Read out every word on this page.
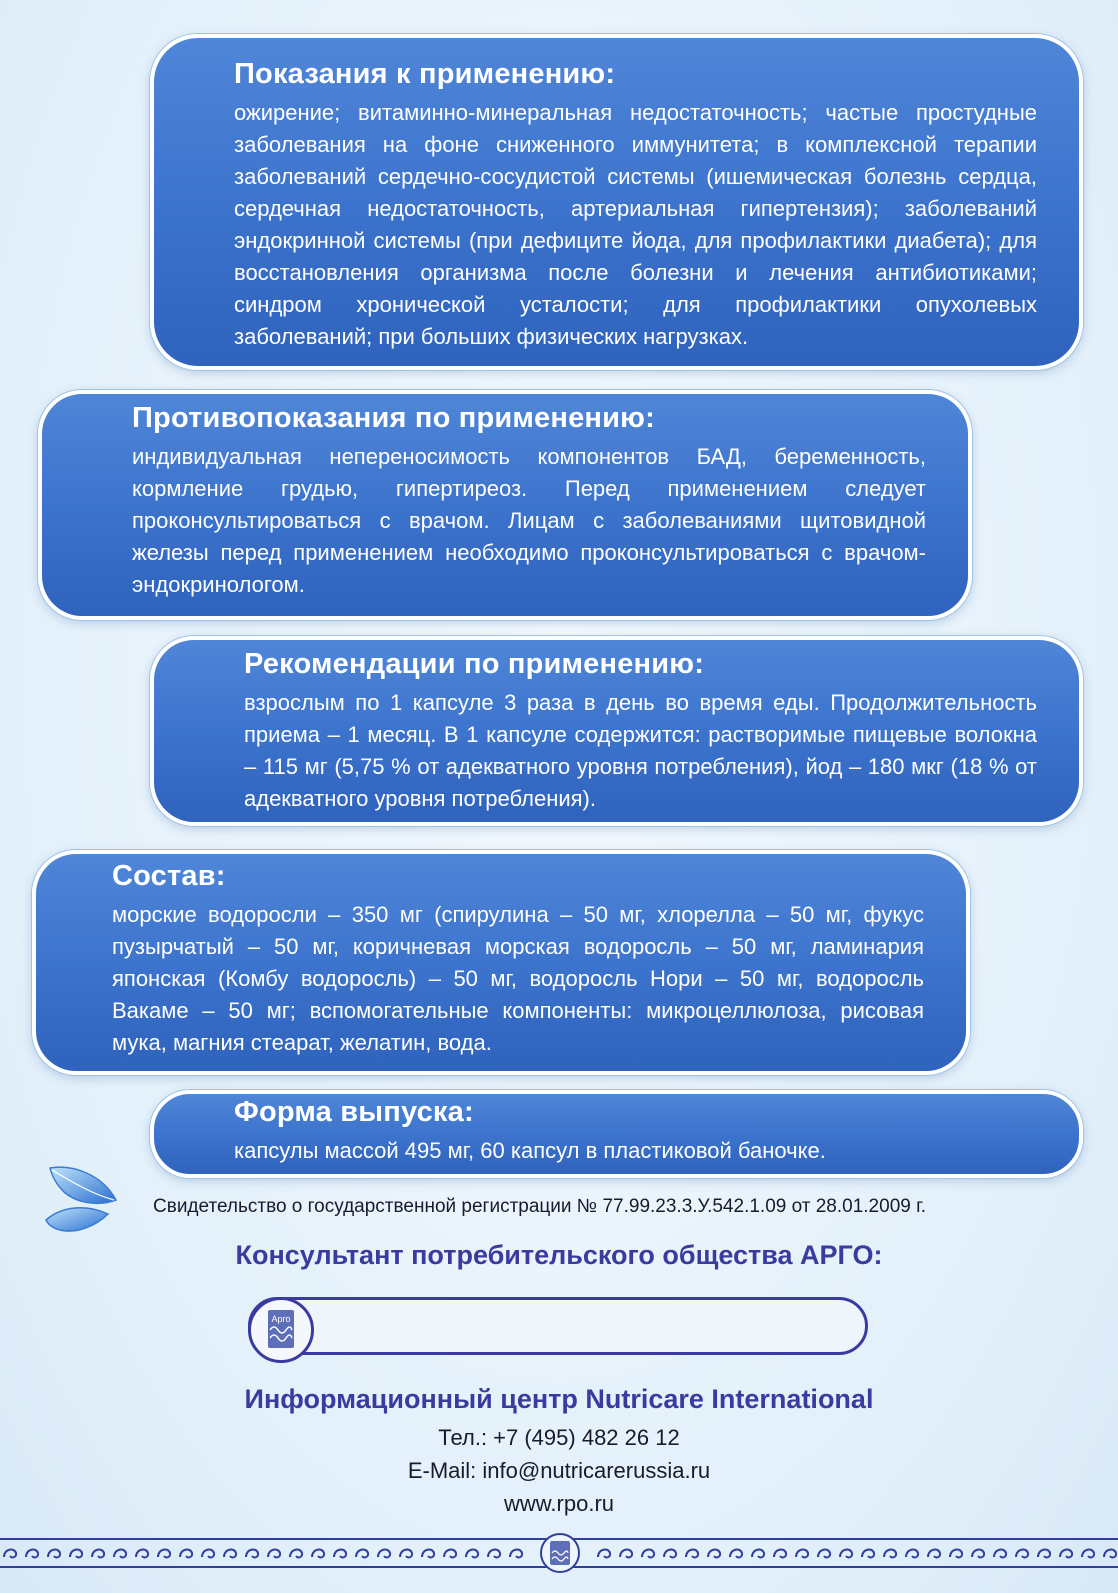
Показания к применению:
ожирение; витаминно-минеральная недостаточность; частые простудные заболевания на фоне сниженного иммунитета; в комплексной терапии заболеваний сердечно-сосудистой системы (ишемическая болезнь сердца, сердечная недостаточность, артериальная гипертензия); заболеваний эндокринной системы (при дефиците йода, для профилактики диабета); для восстановления организма после болезни и лечения антибиотиками; синдром хронической усталости; для профилактики опухолевых заболеваний; при больших физических нагрузках.
Противопоказания по применению:
индивидуальная непереносимость компонентов БАД, беременность, кормление грудью, гипертиреоз. Перед применением следует проконсультироваться с врачом. Лицам с заболеваниями щитовидной железы перед применением необходимо проконсультироваться с врачом-эндокринологом.
Рекомендации по применению:
взрослым по 1 капсуле 3 раза в день во время еды. Продолжительность приема – 1 месяц. В 1 капсуле содержится: растворимые пищевые волокна – 115 мг (5,75 % от адекватного уровня потребления), йод – 180 мкг (18 % от адекватного уровня потребления).
Состав:
морские водоросли – 350 мг (спирулина – 50 мг, хлорелла – 50 мг, фукус пузырчатый – 50 мг, коричневая морская водоросль – 50 мг, ламинария японская (Комбу водоросль) – 50 мг, водоросль Нори – 50 мг, водоросль Вакаме – 50 мг; вспомогательные компоненты: микроцеллюлоза, рисовая мука, магния стеарат, желатин, вода.
Форма выпуска:
капсулы массой 495 мг, 60 капсул в пластиковой баночке.
Свидетельство о государственной регистрации № 77.99.23.3.У.542.1.09 от 28.01.2009 г.
Консультант потребительского общества АРГО:
Арго
Информационный центр Nutricare International
Тел.: +7 (495) 482 26 12
E-Mail: info@nutricarerussia.ru
www.rpo.ru
